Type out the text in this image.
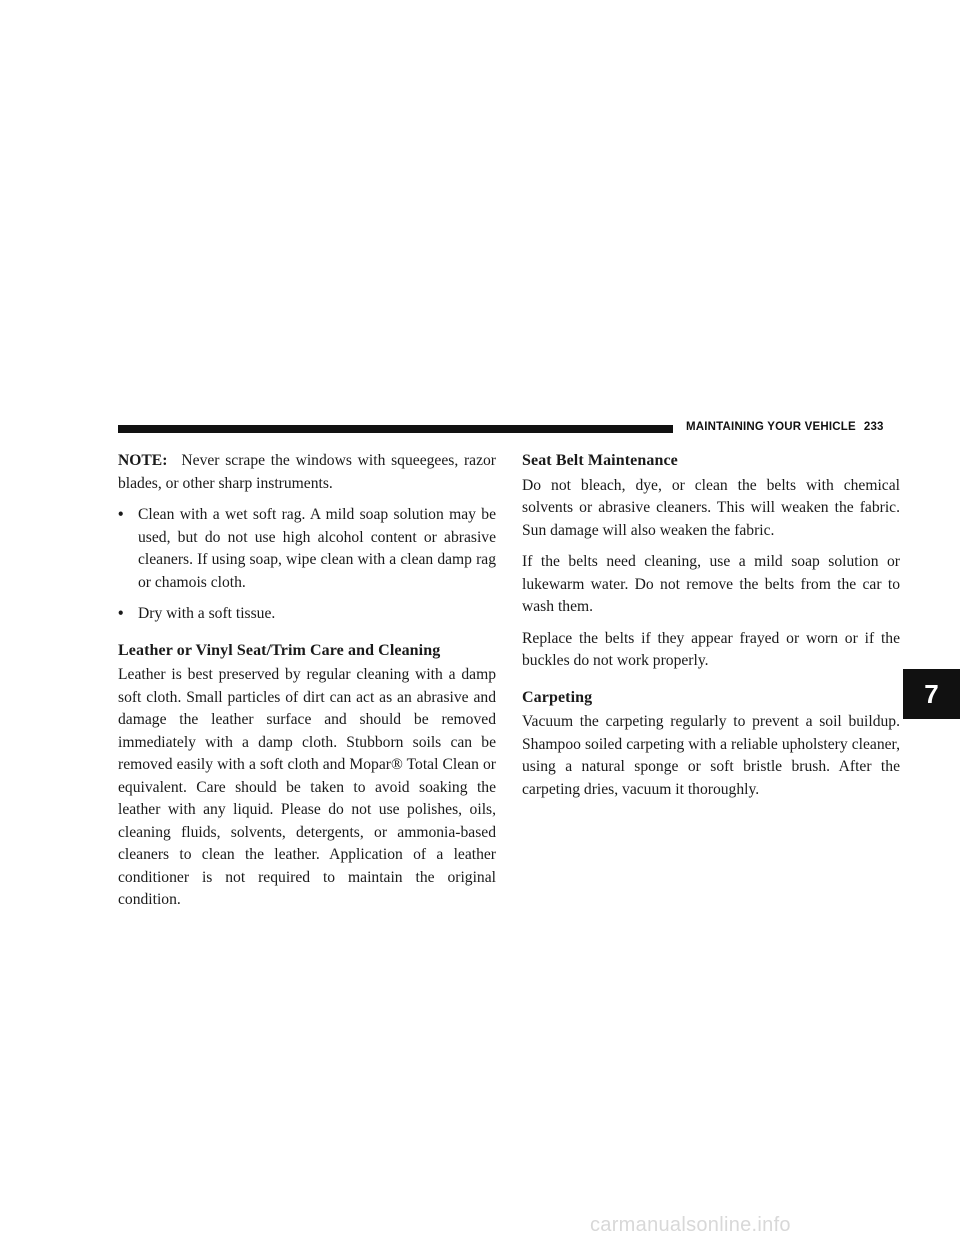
MAINTAINING YOUR VEHICLE 233

NOTE: Never scrape the windows with squeegees, razor blades, or other sharp instruments.

• Clean with a wet soft rag. A mild soap solution may be used, but do not use high alcohol content or abrasive cleaners. If using soap, wipe clean with a clean damp rag or chamois cloth.
• Dry with a soft tissue.
Leather or Vinyl Seat/Trim Care and Cleaning

Leather is best preserved by regular cleaning with a damp soft cloth. Small particles of dirt can act as an abrasive and damage the leather surface and should be removed immediately with a damp cloth. Stubborn soils can be removed easily with a soft cloth and Mopar® Total Clean or equivalent. Care should be taken to avoid soaking the leather with any liquid. Please do not use polishes, oils, cleaning fluids, solvents, detergents, or ammonia-based cleaners to clean the leather. Application of a leather conditioner is not required to maintain the original condition.

Seat Belt Maintenance

Do not bleach, dye, or clean the belts with chemical solvents or abrasive cleaners. This will weaken the fabric. Sun damage will also weaken the fabric.

If the belts need cleaning, use a mild soap solution or lukewarm water. Do not remove the belts from the car to wash them.

Replace the belts if they appear frayed or worn or if the buckles do not work properly.

Carpeting

Vacuum the carpeting regularly to prevent a soil buildup. Shampoo soiled carpeting with a reliable upholstery cleaner, using a natural sponge or soft bristle brush. After the carpeting dries, vacuum it thoroughly.

7
carmanualsonline.info
